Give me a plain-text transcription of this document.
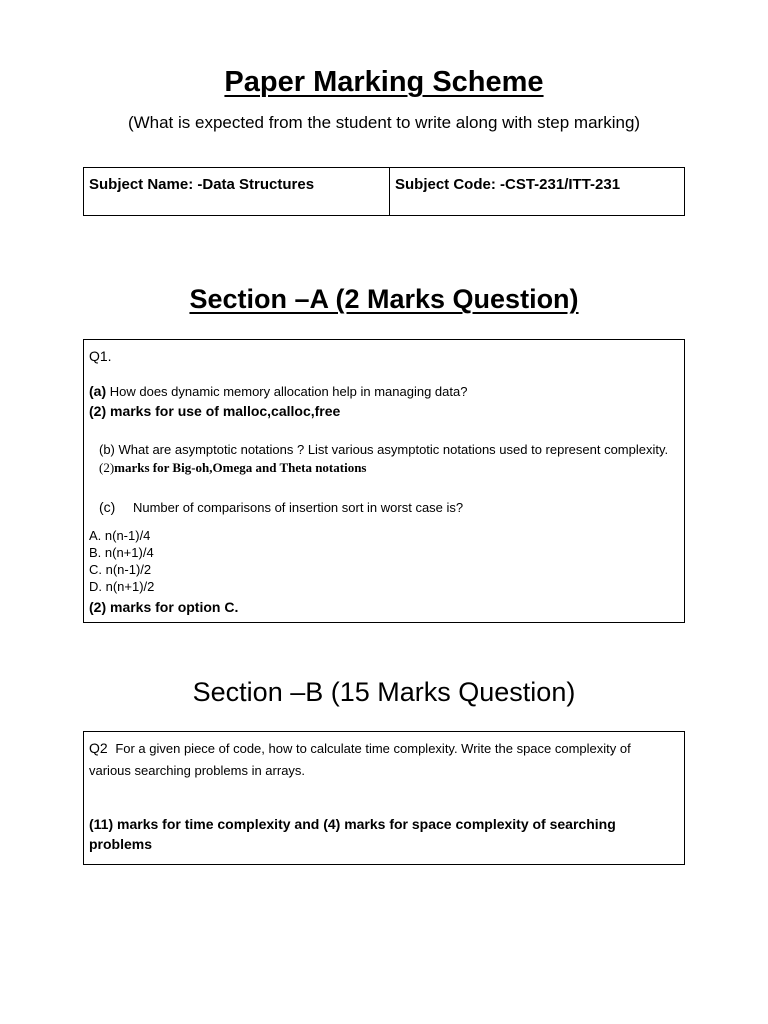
Paper Marking Scheme

(What is expected from the student to write along with step marking)

Subject Name: -Data Structures	Subject Code: -CST-231/ITT-231
Section –A (2 Marks Question)

Q1.

(a) How does dynamic memory allocation help in managing data?

(2) marks for use of malloc,calloc,free

(b) What are asymptotic notations ? List various asymptotic notations used to represent complexity.

(2)marks for Big-oh,Omega and Theta notations

(c) Number of comparisons of insertion sort in worst case is?

A. n(n-1)/4

B. n(n+1)/4

C. n(n-1)/2

D. n(n+1)/2

(2) marks for option C.

Section –B (15 Marks Question)

Q2 For a given piece of code, how to calculate time complexity. Write the space complexity of various searching problems in arrays.

(11) marks for time complexity and (4) marks for space complexity of searching problems
